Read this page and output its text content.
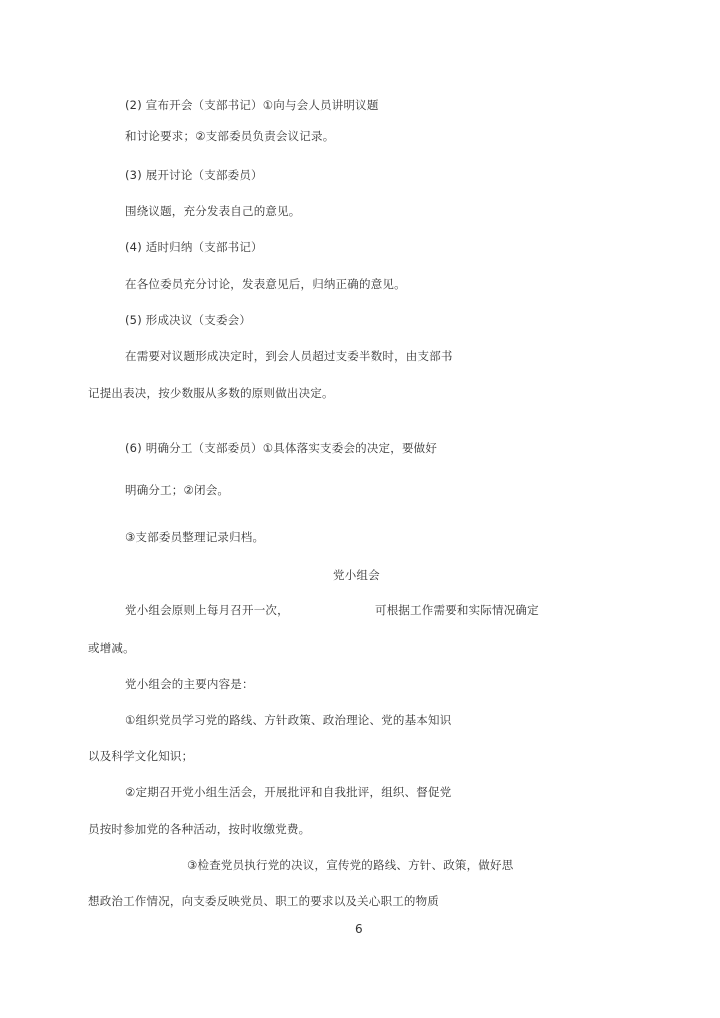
(2) 宣布开会（支部书记）①向与会人员讲明议题
和讨论要求；②支部委员负责会议记录。
(3) 展开讨论（支部委员）
围绕议题，充分发表自己的意见。
(4) 适时归纳（支部书记）
在各位委员充分讨论，发表意见后，归纳正确的意见。
(5) 形成决议（支委会）
在需要对议题形成决定时，到会人员超过支委半数时，由支部书
记提出表决，按少数服从多数的原则做出决定。
(6) 明确分工（支部委员）①具体落实支委会的决定，要做好
明确分工；②闭会。
③支部委员整理记录归档。
党小组会
党小组会原则上每月召开一次，	可根据工作需要和实际情况确定
或增减。
党小组会的主要内容是：
①组织党员学习党的路线、方针政策、政治理论、党的基本知识
以及科学文化知识；
②定期召开党小组生活会，开展批评和自我批评，组织、督促党
员按时参加党的各种活动，按时收缴党费。
③检查党员执行党的决议，宣传党的路线、方针、政策，做好思
想政治工作情况，向支委反映党员、职工的要求以及关心职工的物质
6
